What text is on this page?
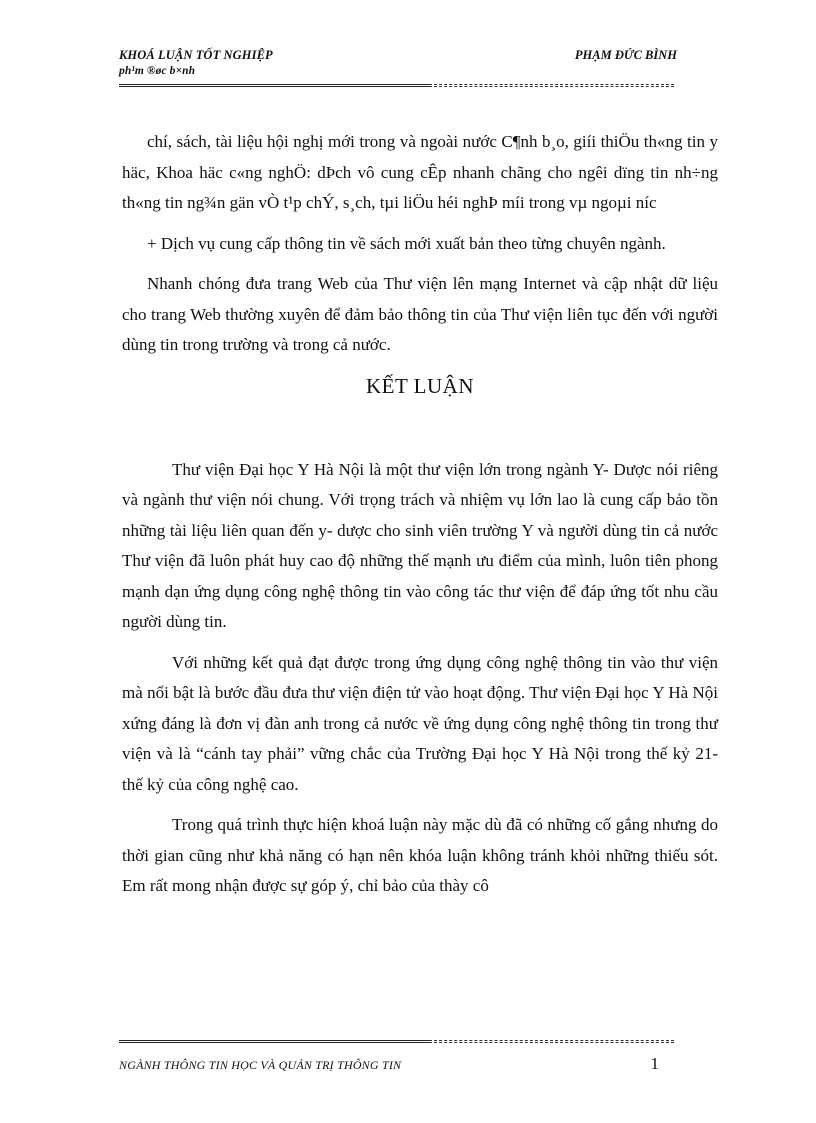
KHOÁ LUẬN TỐT NGHIỆP
ph¹m ®øc b×nh
PHẠM ĐỨC BÌNH

chí, sách, tài liệu hội nghị mới trong và ngoài nước C¶nh b¸o, giíi thiÖu th«ng tin y häc, Khoa häc c«ng nghÖ: dÞch vô cung cÊp nhanh chãng cho ngêi dïng tin nh÷ng th«ng tin ng¾n gän vÒ t¹p chÝ, s¸ch, tµi liÖu héi nghÞ míi trong vµ ngoµi níc

+ Dịch vụ cung cấp thông tin về sách mới xuất bản theo từng chuyên ngành.

Nhanh chóng đưa trang Web của Thư viện lên mạng Internet và cập nhật dữ liệu cho trang Web thường xuyên để đảm bảo thông tin của Thư viện liên tục đến với người dùng tin trong trường và trong cả nước.

KẾT LUẬN

Thư viện Đại học Y Hà Nội là một thư viện lớn trong ngành Y- Dược nói riêng và ngành thư viện nói chung. Với trọng trách và nhiệm vụ lớn lao là cung cấp bảo tồn những tài liệu liên quan đến y- dược cho sinh viên trường Y và người dùng tin cả nước Thư viện đã luôn phát huy cao độ những thế mạnh ưu điểm của mình, luôn tiên phong mạnh dạn ứng dụng công nghệ thông tin vào công tác thư viện để đáp ứng tốt nhu cầu người dùng tin.

Với những kết quả đạt được trong ứng dụng công nghệ thông tin vào thư viện mà nổi bật là bước đầu đưa thư viện điện tử vào hoạt động. Thư viện Đại học Y Hà Nội xứng đáng là đơn vị đàn anh trong cả nước về ứng dụng công nghệ thông tin trong thư viện và là “cánh tay phải” vững chắc của Trường Đại học Y Hà Nội trong thế kỷ 21- thế kỷ của công nghệ cao.

Trong quá trình thực hiện khoá luận này mặc dù đã có những cố gắng nhưng do thời gian cũng như khả năng có hạn nên khóa luận không tránh khỏi những thiếu sót. Em rất mong nhận được sự góp ý, chỉ bảo của thày cô

NGÀNH THÔNG TIN HỌC VÀ QUẢN TRỊ THÔNG TIN	1
